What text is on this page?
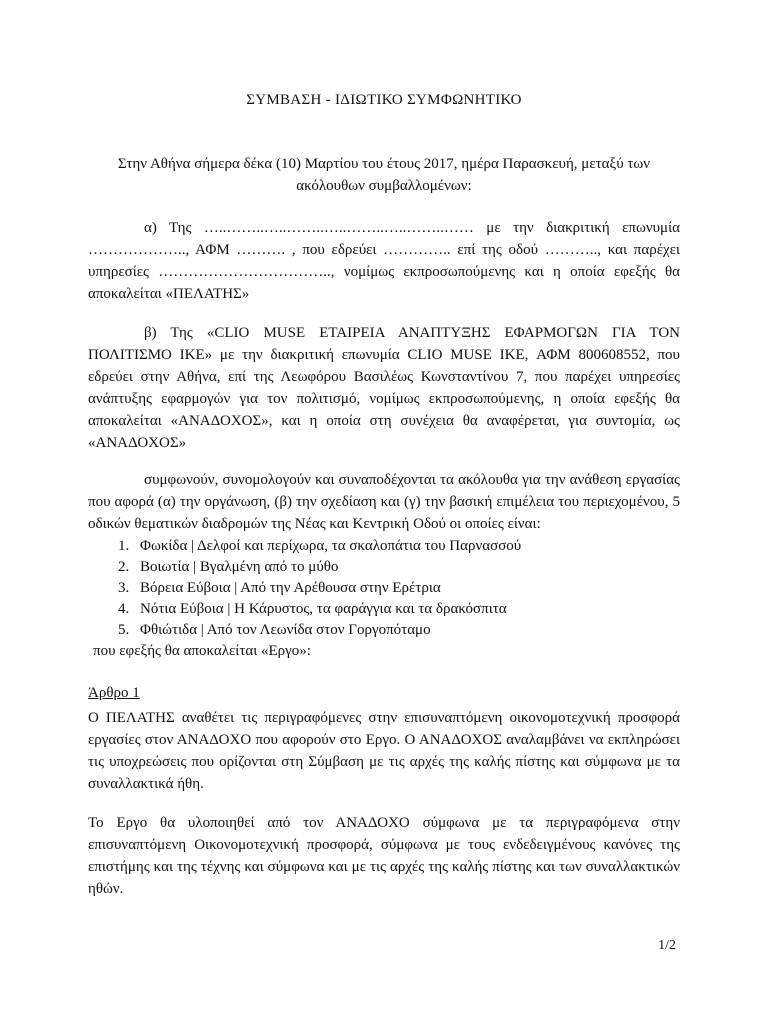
ΣΥΜΒΑΣΗ - ΙΔΙΩΤΙΚΟ ΣΥΜΦΩΝΗΤΙΚΟ
Στην Αθήνα σήμερα δέκα (10) Μαρτίου του έτους 2017, ημέρα Παρασκευή, μεταξύ των
ακόλουθων συμβαλλομένων:
α) Της …..……..…..……..…..……..…..……..…… με την διακριτική επωνυμία ……………….., ΑΦΜ ………. , που εδρεύει ………….. επί της οδού ……….., και παρέχει υπηρεσίες …………………………….., νομίμως εκπροσωπούμενης και η οποία εφεξής θα αποκαλείται «ΠΕΛΑΤΗΣ»
β) Της «CLIO MUSE ΕΤΑΙΡΕΙΑ ΑΝΑΠΤΥΞΗΣ ΕΦΑΡΜΟΓΩΝ ΓΙΑ ΤΟΝ ΠΟΛΙΤΙΣΜΟ ΙΚΕ» με την διακριτική επωνυμία CLIO MUSE IKE, ΑΦΜ 800608552, που εδρεύει στην Αθήνα, επί της Λεωφόρου Βασιλέως Κωνσταντίνου 7, που παρέχει υπηρεσίες ανάπτυξης εφαρμογών για τον πολιτισμό, νομίμως εκπροσωπούμενης, η οποία εφεξής θα αποκαλείται «ΑΝΑΔΟΧΟΣ», και η οποία στη συνέχεια θα αναφέρεται, για συντομία, ως «ΑΝΑΔΟΧΟΣ»
συμφωνούν, συνομολογούν και συναποδέχονται τα ακόλουθα για την ανάθεση εργασίας που αφορά (α) την οργάνωση, (β) την σχεδίαση και (γ) την βασική επιμέλεια του περιεχομένου, 5 οδικών θεματικών διαδρομών της Νέας και Κεντρική Οδού οι οποίες είναι:
1. Φωκίδα | Δελφοί και περίχωρα, τα σκαλοπάτια του Παρνασσού
2. Βοιωτία | Βγαλμένη από το μύθο
3. Βόρεια Εύβοια | Από την Αρέθουσα στην Ερέτρια
4. Νότια Εύβοια | Η Κάρυστος, τα φαράγγια και τα δρακόσπιτα
5. Φθιώτιδα | Από τον Λεωνίδα στον Γοργοπόταμο
που εφεξής θα αποκαλείται «Εργο»:
Άρθρο 1
Ο ΠΕΛΑΤΗΣ αναθέτει τις περιγραφόμενες στην επισυναπτόμενη οικονομοτεχνική προσφορά εργασίες στον ΑΝΑΔΟΧΟ που αφορούν στο Εργο. Ο ΑΝΑΔΟΧΟΣ αναλαμβάνει να εκπληρώσει τις υποχρεώσεις που ορίζονται στη Σύμβαση με τις αρχές της καλής πίστης και σύμφωνα με τα συναλλακτικά ήθη.
Το Εργο θα υλοποιηθεί από τον ΑΝΑΔΟΧΟ σύμφωνα με τα περιγραφόμενα στην επισυναπτόμενη Οικονομοτεχνική προσφορά, σύμφωνα με τους ενδεδειγμένους κανόνες της επιστήμης και της τέχνης και σύμφωνα και με τις αρχές της καλής πίστης και των συναλλακτικών ηθών.
1/2
